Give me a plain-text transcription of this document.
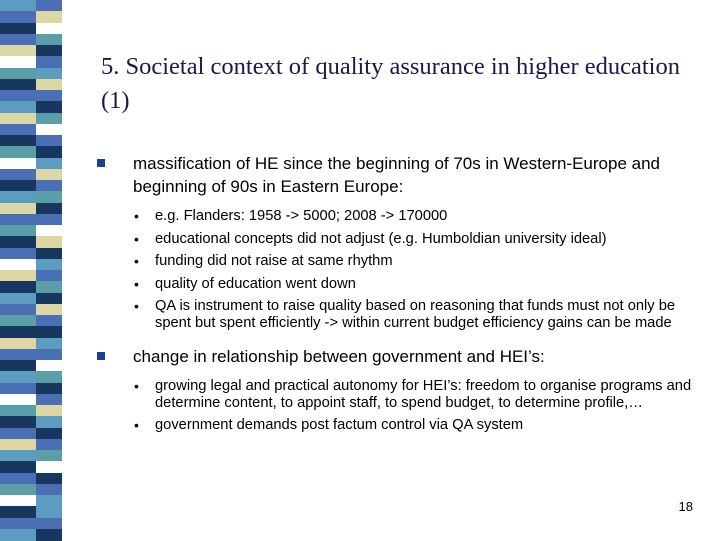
5. Societal context of quality assurance in higher education (1)
massification of HE since the beginning of 70s in Western-Europe and beginning of 90s in Eastern Europe:
• e.g. Flanders: 1958 -> 5000; 2008 -> 170000
• educational concepts did not adjust (e.g. Humboldian university ideal)
• funding did not raise at same rhythm
• quality of education went down
• QA is instrument to raise quality based on reasoning that funds must not only be spent but spent efficiently -> within current budget efficiency gains can be made
change in relationship between government and HEI’s:
• growing legal and practical autonomy for HEI’s: freedom to organise programs and determine content, to appoint staff, to spend budget, to determine profile,…
• government demands post factum control via QA system
18
